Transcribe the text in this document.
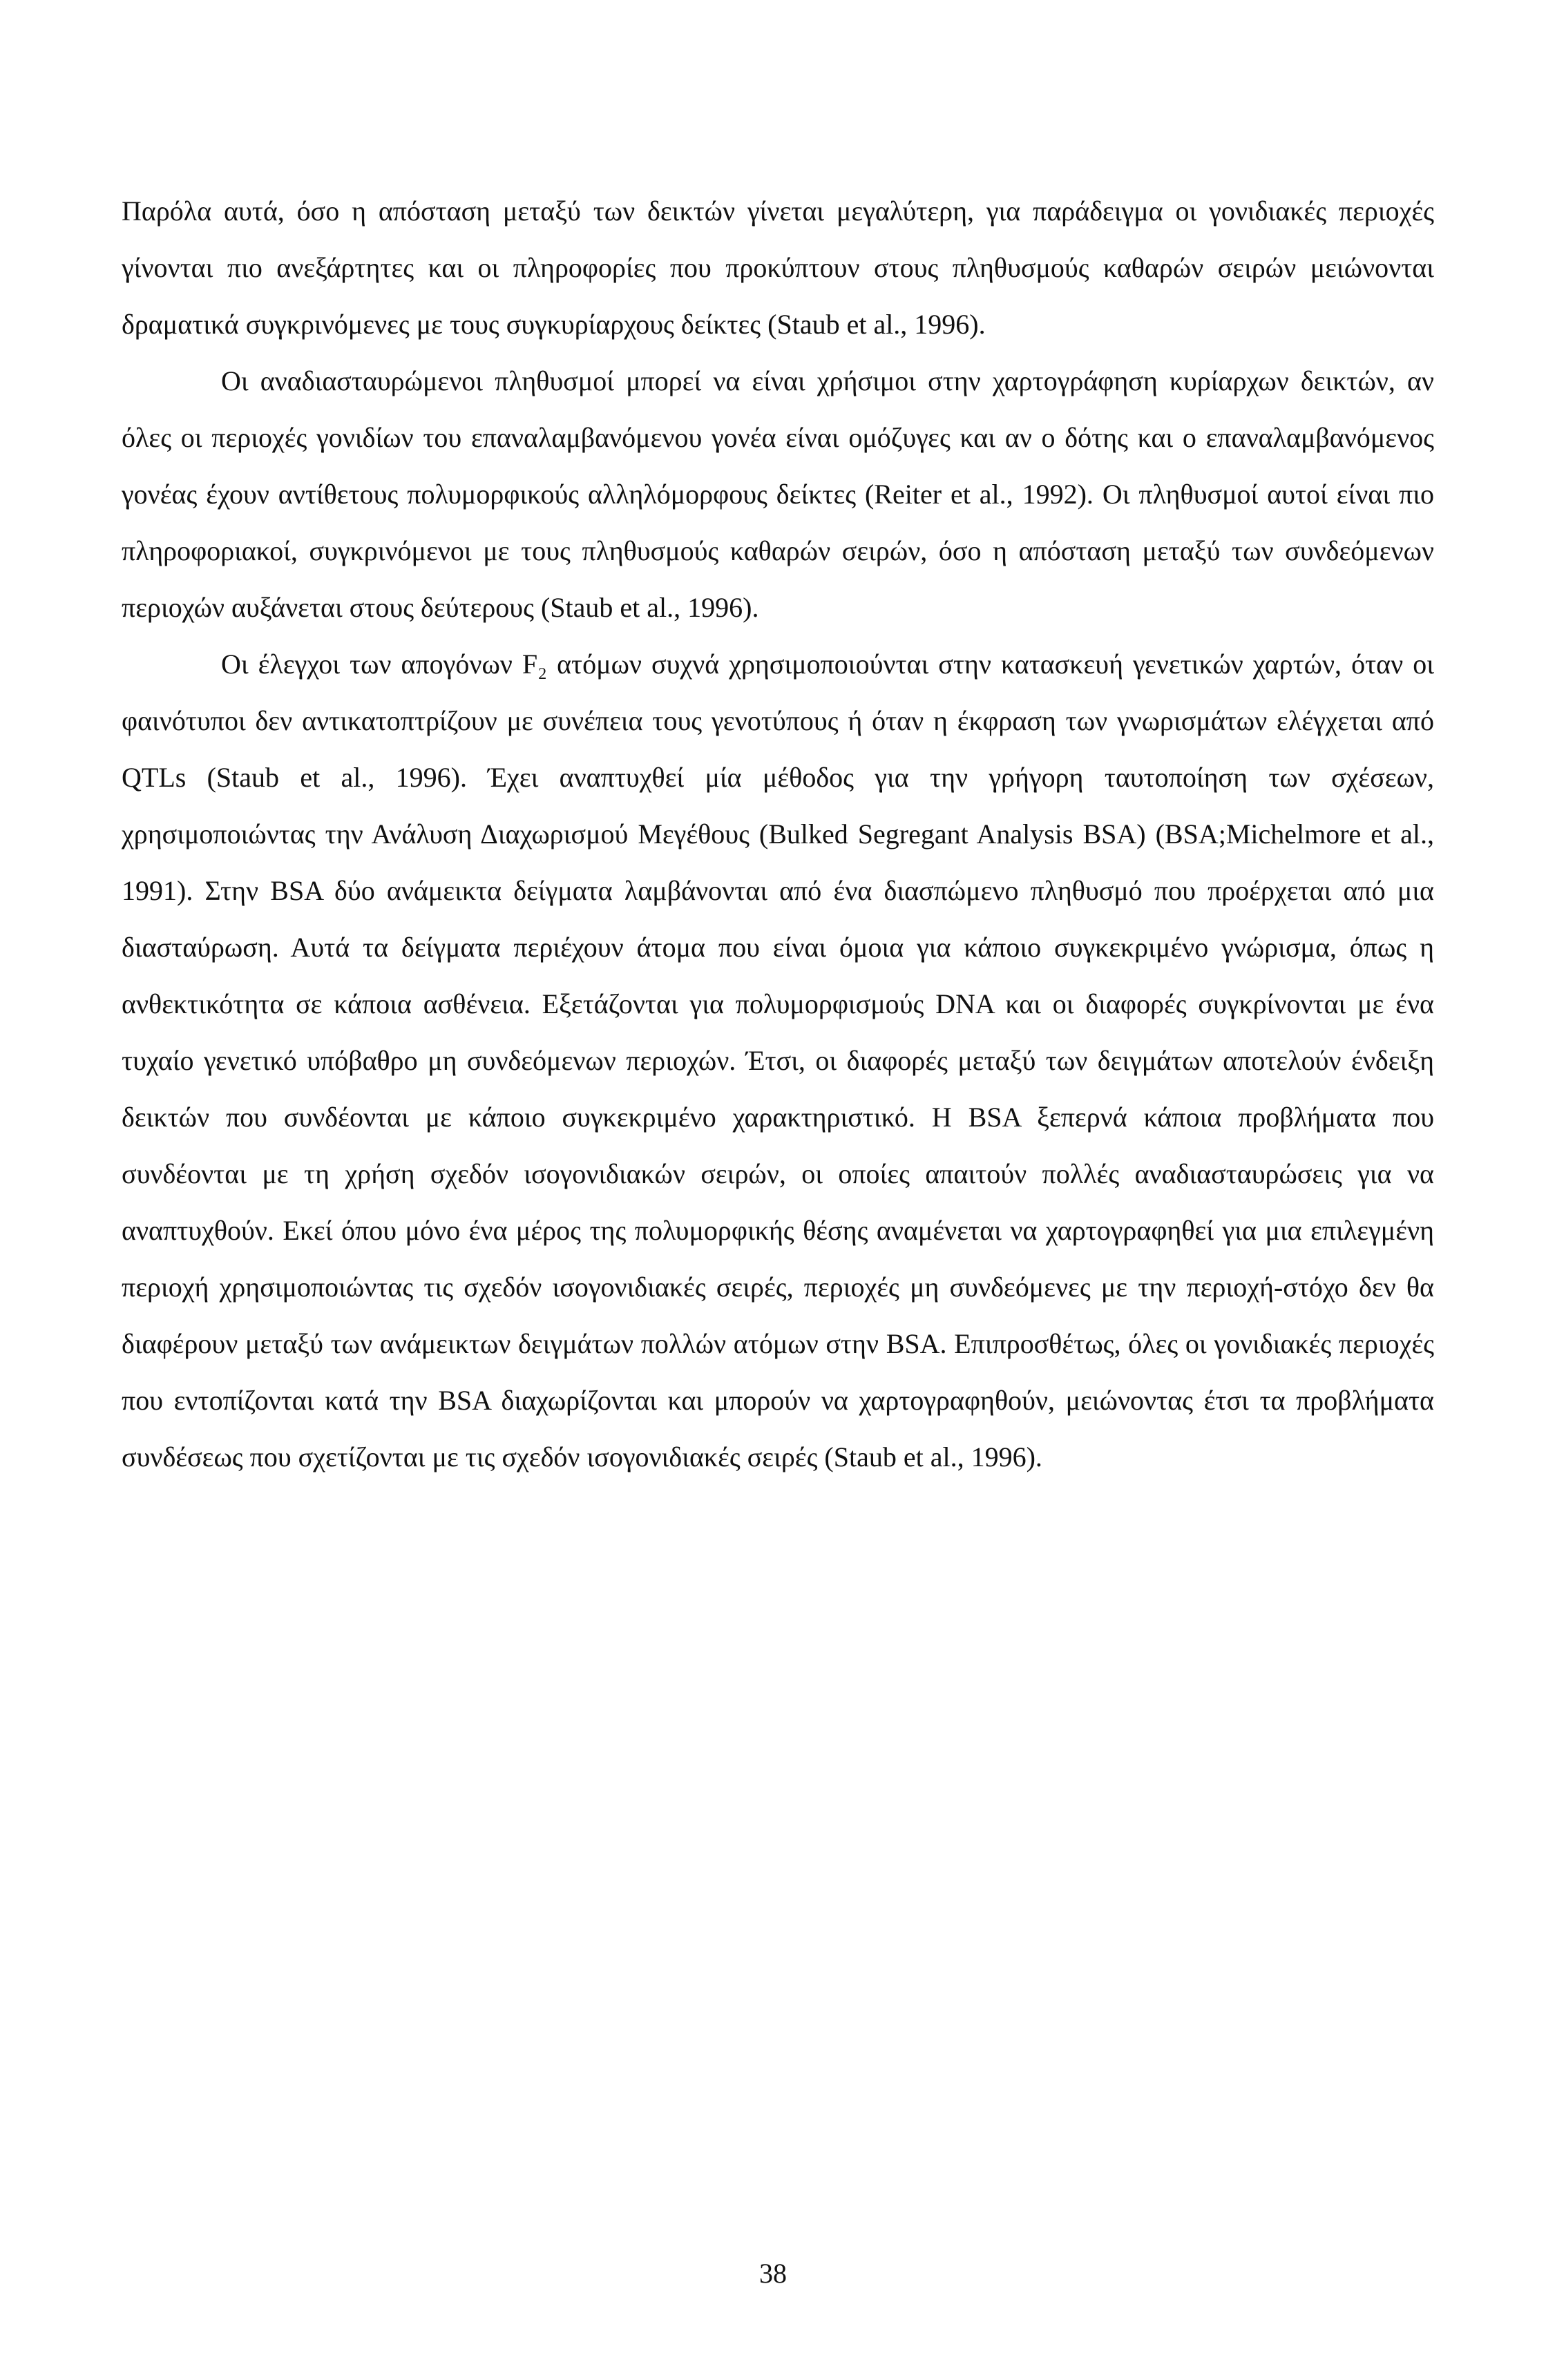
Παρόλα αυτά, όσο η απόσταση μεταξύ των δεικτών γίνεται μεγαλύτερη, για παράδειγμα οι γονιδιακές περιοχές γίνονται πιο ανεξάρτητες και οι πληροφορίες που προκύπτουν στους πληθυσμούς καθαρών σειρών μειώνονται δραματικά συγκρινόμενες με τους συγκυρίαρχους δείκτες (Staub et al., 1996).

Οι αναδιασταυρώμενοι πληθυσμοί μπορεί να είναι χρήσιμοι στην χαρτογράφηση κυρίαρχων δεικτών, αν όλες οι περιοχές γονιδίων του επαναλαμβανόμενου γονέα είναι ομόζυγες και αν ο δότης και ο επαναλαμβανόμενος γονέας έχουν αντίθετους πολυμορφικούς αλληλόμορφους δείκτες (Reiter et al., 1992). Οι πληθυσμοί αυτοί είναι πιο πληροφοριακοί, συγκρινόμενοι με τους πληθυσμούς καθαρών σειρών, όσο η απόσταση μεταξύ των συνδεόμενων περιοχών αυξάνεται στους δεύτερους (Staub et al., 1996).

Οι έλεγχοι των απογόνων F₂ ατόμων συχνά χρησιμοποιούνται στην κατασκευή γενετικών χαρτών, όταν οι φαινότυποι δεν αντικατοπτρίζουν με συνέπεια τους γενοτύπους ή όταν η έκφραση των γνωρισμάτων ελέγχεται από QTLs (Staub et al., 1996). Έχει αναπτυχθεί μία μέθοδος για την γρήγορη ταυτοποίηση των σχέσεων, χρησιμοποιώντας την Ανάλυση Διαχωρισμού Μεγέθους (Bulked Segregant Analysis BSA) (BSA;Michelmore et al., 1991). Στην BSA δύο ανάμεικτα δείγματα λαμβάνονται από ένα διασπώμενο πληθυσμό που προέρχεται από μια διασταύρωση. Αυτά τα δείγματα περιέχουν άτομα που είναι όμοια για κάποιο συγκεκριμένο γνώρισμα, όπως η ανθεκτικότητα σε κάποια ασθένεια. Εξετάζονται για πολυμορφισμούς DNA και οι διαφορές συγκρίνονται με ένα τυχαίο γενετικό υπόβαθρο μη συνδεόμενων περιοχών. Έτσι, οι διαφορές μεταξύ των δειγμάτων αποτελούν ένδειξη δεικτών που συνδέονται με κάποιο συγκεκριμένο χαρακτηριστικό. Η BSA ξεπερνά κάποια προβλήματα που συνδέονται με τη χρήση σχεδόν ισογονιδιακών σειρών, οι οποίες απαιτούν πολλές αναδιασταυρώσεις για να αναπτυχθούν. Εκεί όπου μόνο ένα μέρος της πολυμορφικής θέσης αναμένεται να χαρτογραφηθεί για μια επιλεγμένη περιοχή χρησιμοποιώντας τις σχεδόν ισογονιδιακές σειρές, περιοχές μη συνδεόμενες με την περιοχή-στόχο δεν θα διαφέρουν μεταξύ των ανάμεικτων δειγμάτων πολλών ατόμων στην BSA. Επιπροσθέτως, όλες οι γονιδιακές περιοχές που εντοπίζονται κατά την BSA διαχωρίζονται και μπορούν να χαρτογραφηθούν, μειώνοντας έτσι τα προβλήματα συνδέσεως που σχετίζονται με τις σχεδόν ισογονιδιακές σειρές (Staub et al., 1996).

38
